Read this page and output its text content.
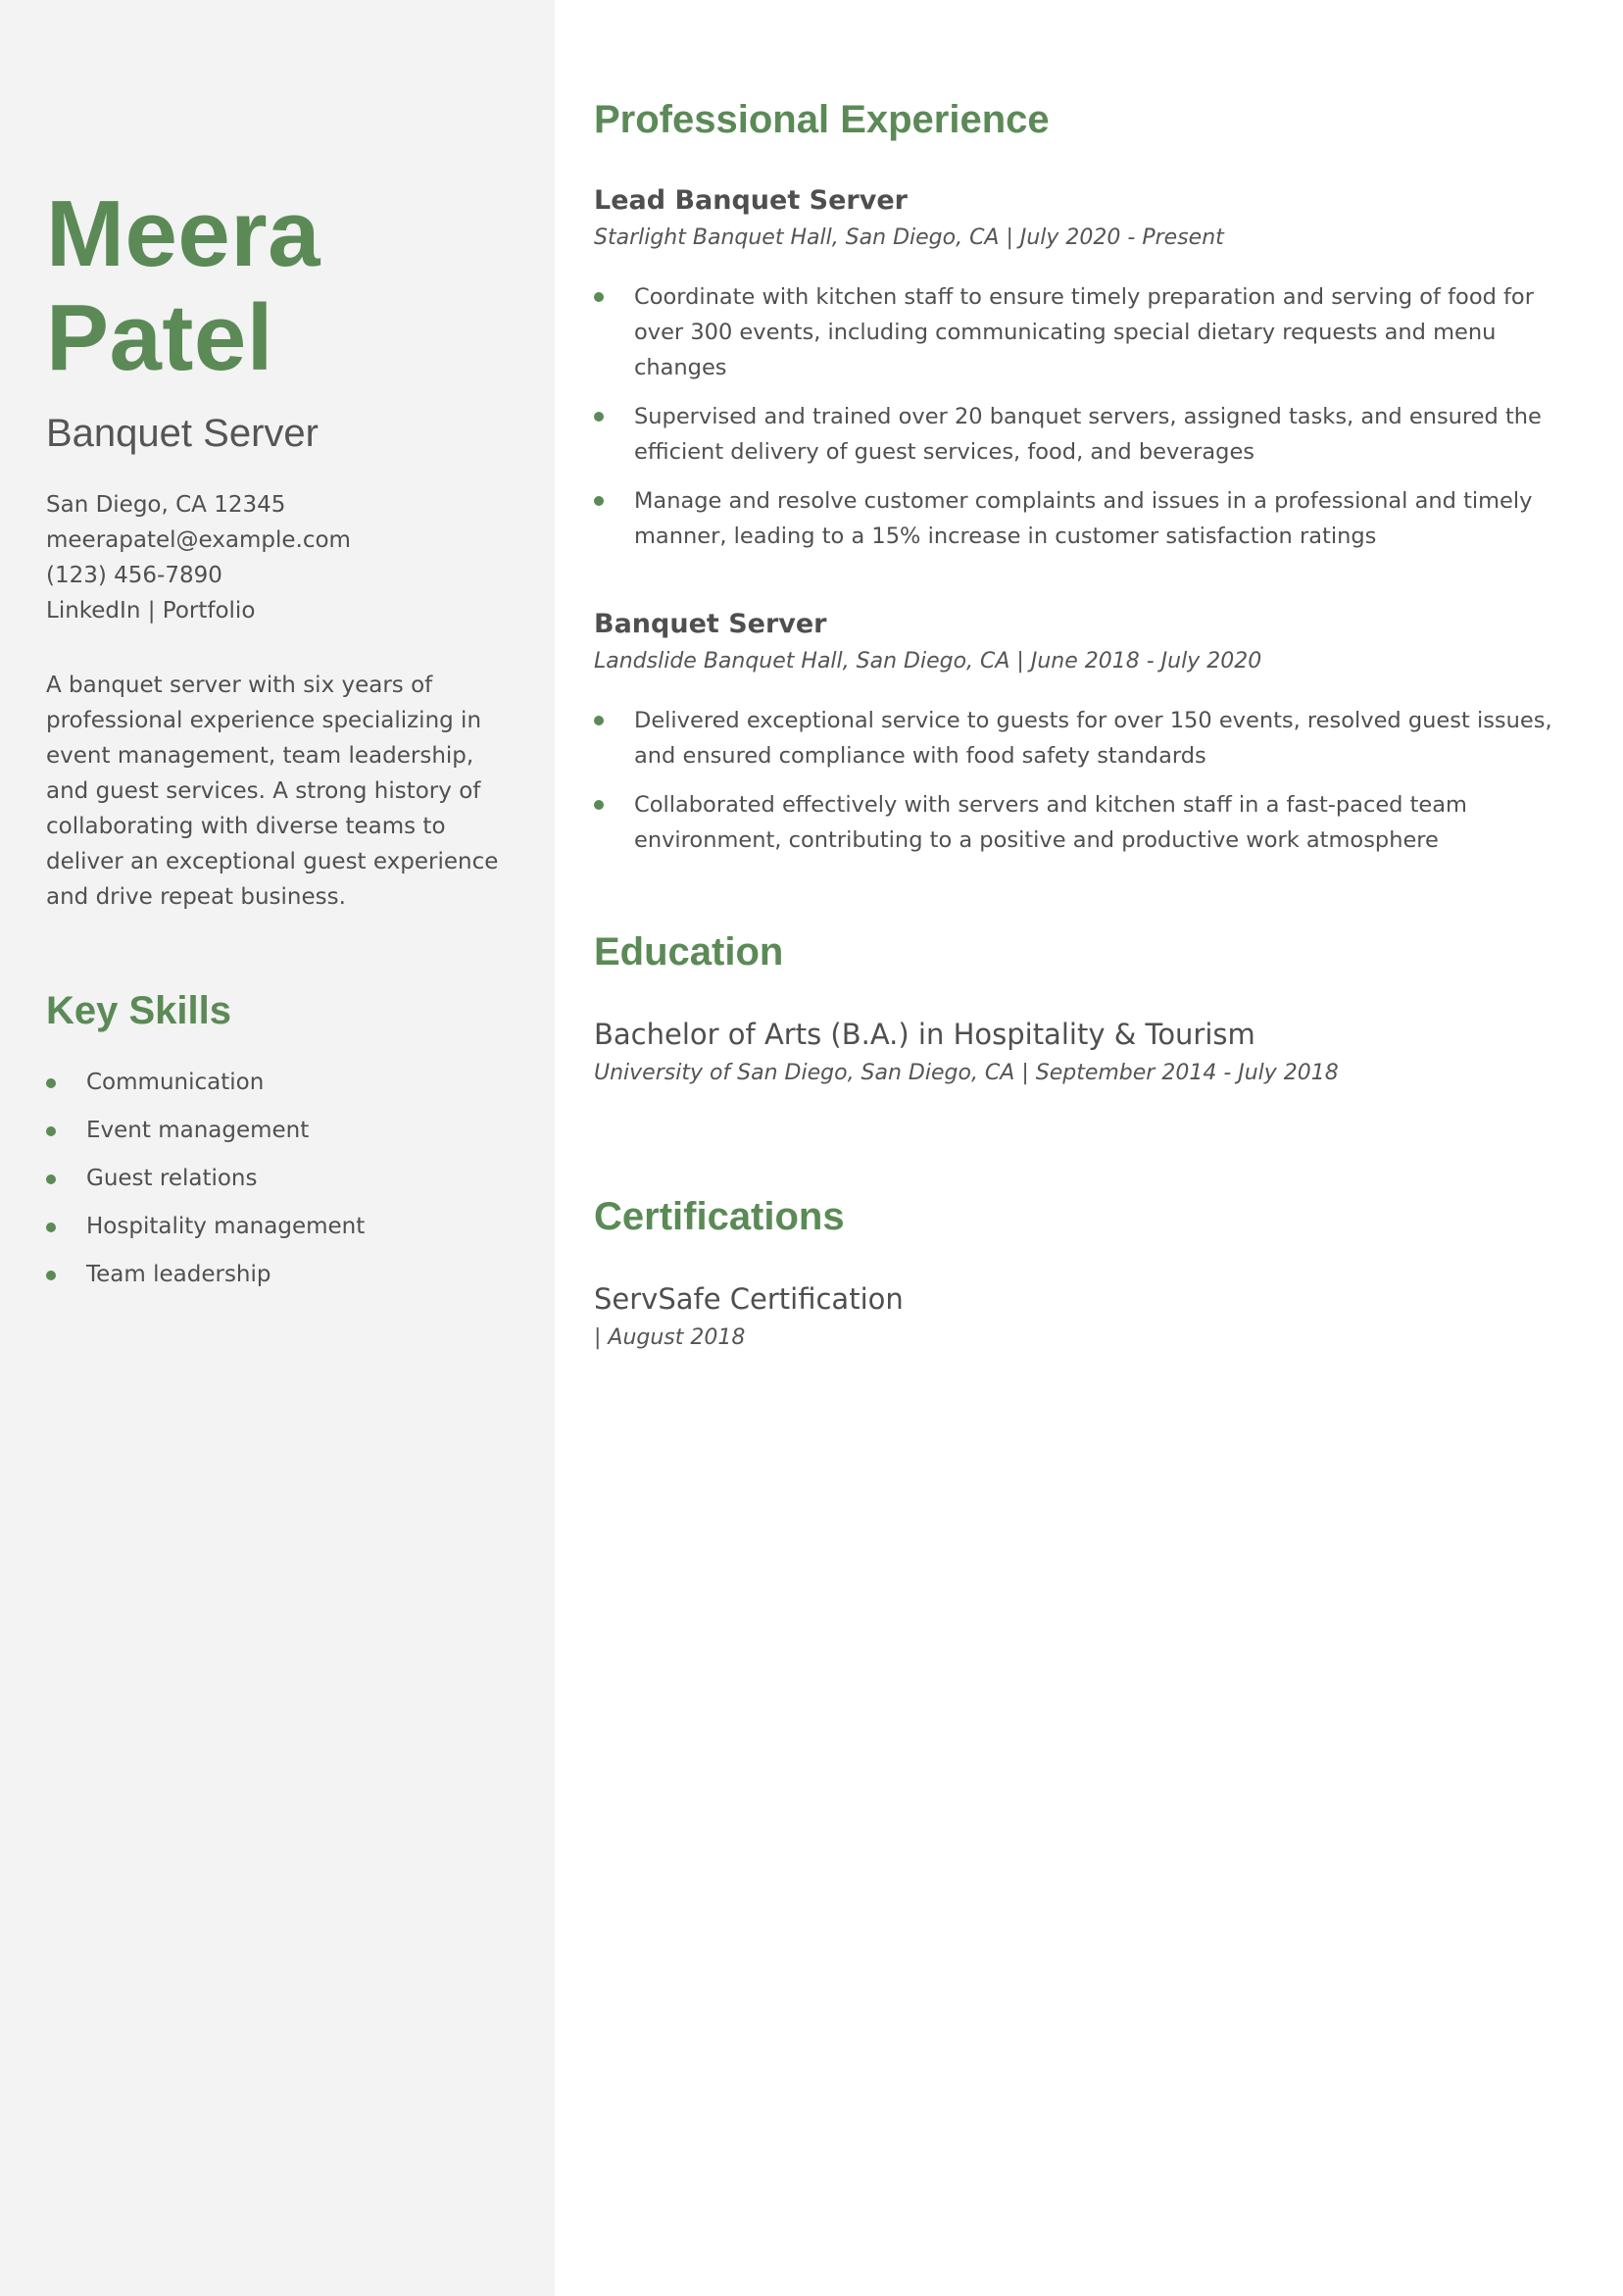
Meera
Patel
Banquet Server
San Diego, CA 12345
meerapatel@example.com
(123) 456-7890
LinkedIn | Portfolio
A banquet server with six years of professional experience specializing in event management, team leadership, and guest services. A strong history of collaborating with diverse teams to deliver an exceptional guest experience and drive repeat business.
Key Skills
Communication
Event management
Guest relations
Hospitality management
Team leadership
Professional Experience
Lead Banquet Server
Starlight Banquet Hall, San Diego, CA | July 2020 - Present
Coordinate with kitchen staff to ensure timely preparation and serving of food for over 300 events, including communicating special dietary requests and menu changes
Supervised and trained over 20 banquet servers, assigned tasks, and ensured the efficient delivery of guest services, food, and beverages
Manage and resolve customer complaints and issues in a professional and timely manner, leading to a 15% increase in customer satisfaction ratings
Banquet Server
Landslide Banquet Hall, San Diego, CA | June 2018 - July 2020
Delivered exceptional service to guests for over 150 events, resolved guest issues, and ensured compliance with food safety standards
Collaborated effectively with servers and kitchen staff in a fast-paced team environment, contributing to a positive and productive work atmosphere
Education
Bachelor of Arts (B.A.) in Hospitality & Tourism
University of San Diego, San Diego, CA | September 2014 - July 2018
Certifications
ServSafe Certification
| August 2018
